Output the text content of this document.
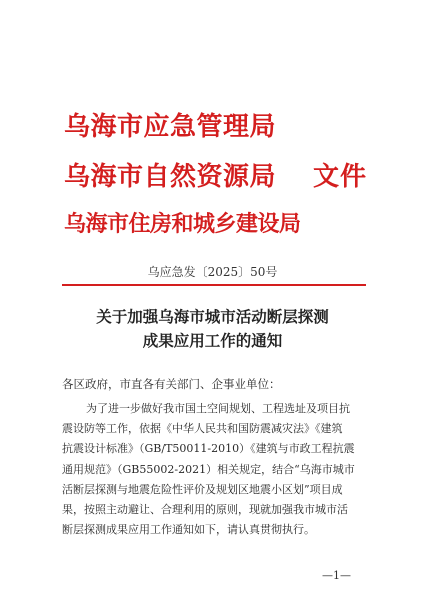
乌海市应急管理局
乌海市自然资源局
乌海市住房和城乡建设局
文件
乌应急发〔2025〕50号
关于加强乌海市城市活动断层探测
成果应用工作的通知
各区政府，市直各有关部门、企事业单位：
为了进一步做好我市国土空间规划、工程选址及项目抗
震设防等工作，依据《中华人民共和国防震减灾法》《建筑
抗震设计标准》（GB/T50011-2010）《建筑与市政工程抗震
通用规范》（GB55002-2021）相关规定，结合“乌海市城市
活断层探测与地震危险性评价及规划区地震小区划”项目成
果，按照主动避让、合理利用的原则，现就加强我市城市活
断层探测成果应用工作通知如下，请认真贯彻执行。
—1—
